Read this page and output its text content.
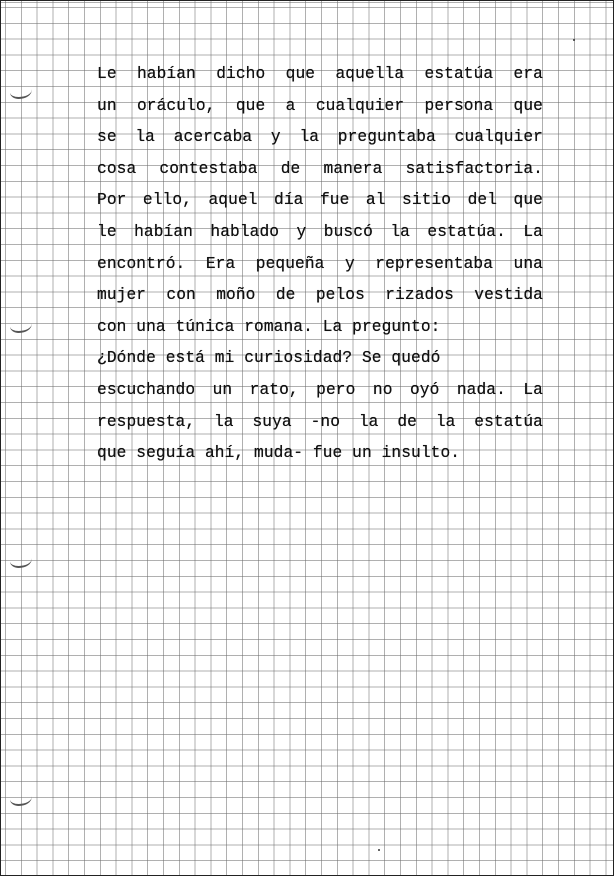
Le habían dicho que aquella estatúa era
un oráculo, que a cualquier persona que
se la acercaba y la preguntaba cualquier
cosa contestaba de manera satisfactoria.
Por ello, aquel día fue al sitio del que
le habían hablado y buscó la estatúa. La
encontró. Era pequeña y representaba una
mujer con moño de pelos rizados vestida
con una túnica romana. La pregunto:
¿Dónde está mi curiosidad? Se quedó
escuchando un rato, pero no oyó nada. La
respuesta, la suya -no la de la estatúa
que seguía ahí, muda- fue un insulto.
